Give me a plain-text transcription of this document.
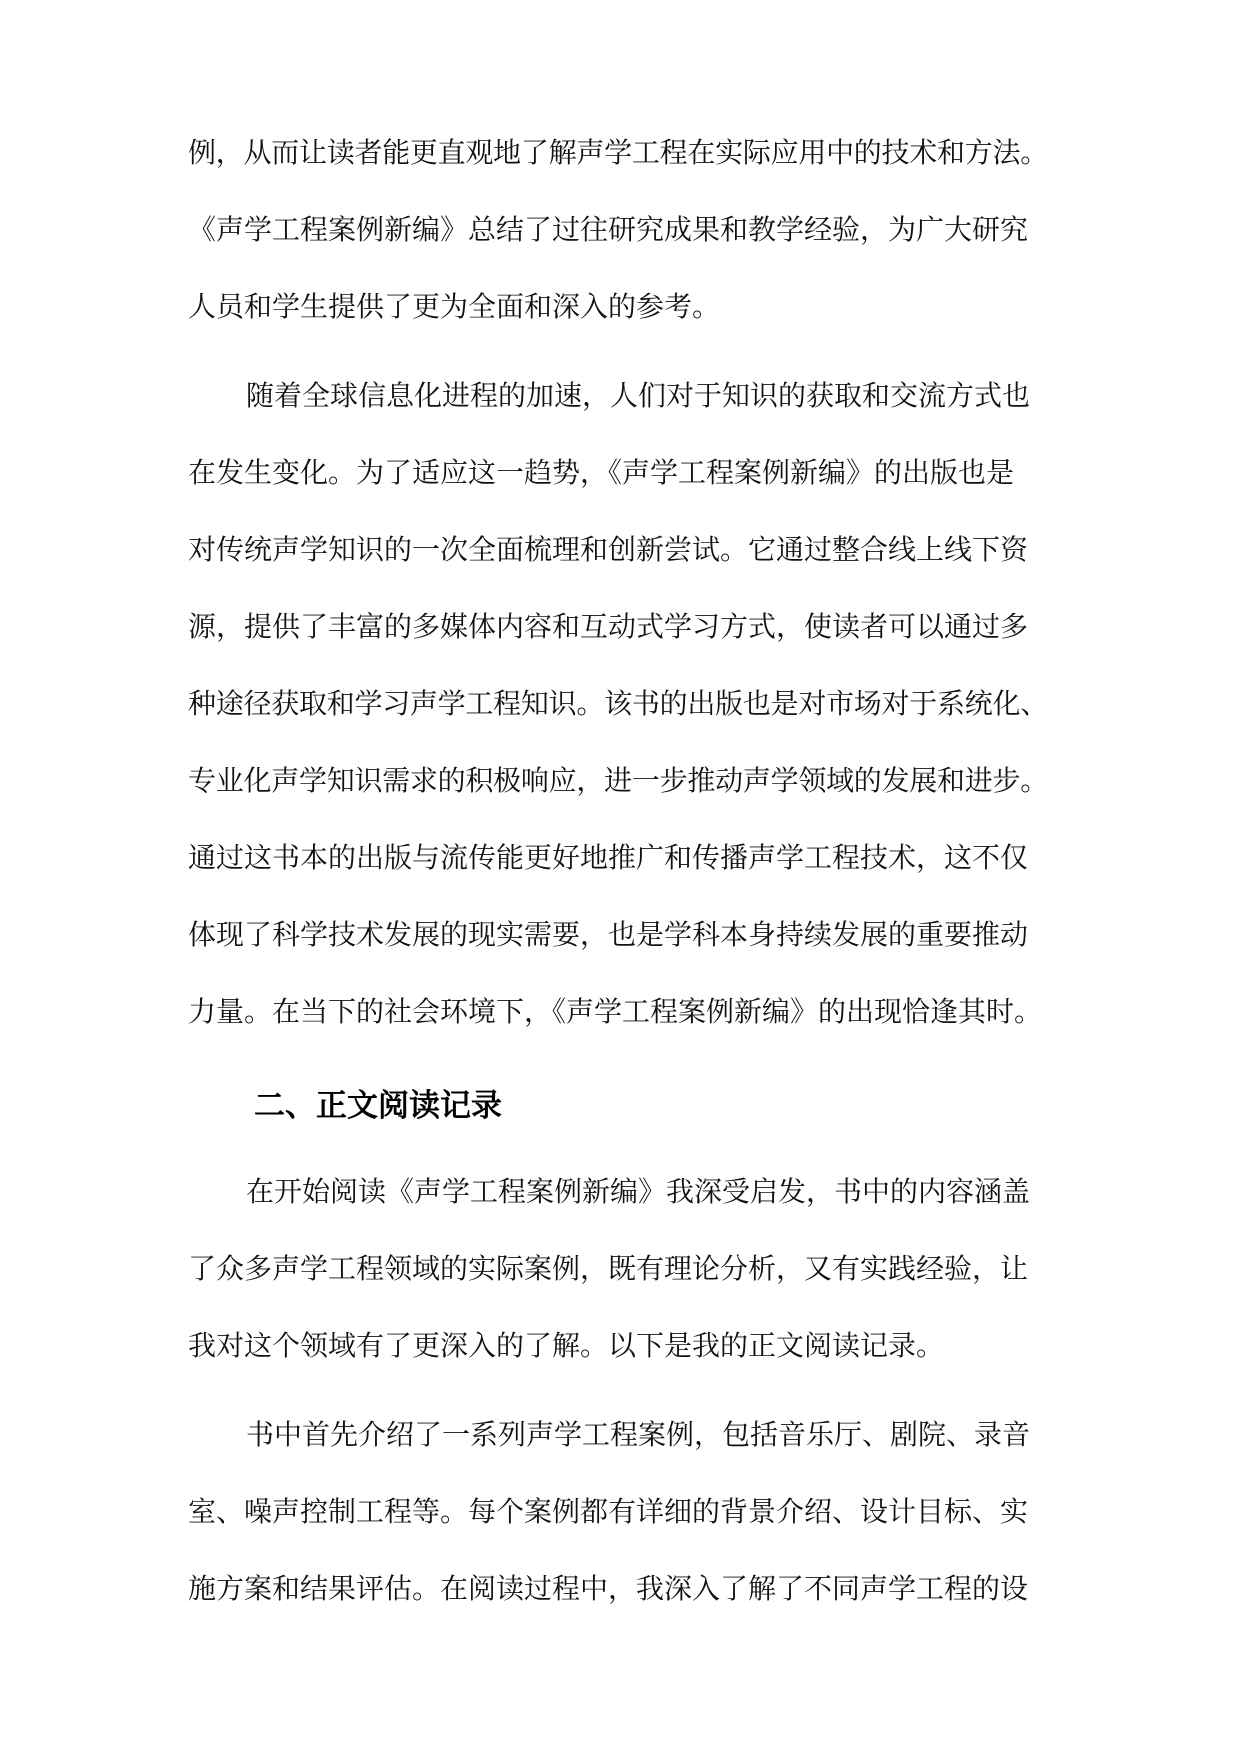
例，从而让读者能更直观地了解声学工程在实际应用中的技术和方法。
《声学工程案例新编》总结了过往研究成果和教学经验，为广大研究
人员和学生提供了更为全面和深入的参考。
随着全球信息化进程的加速，人们对于知识的获取和交流方式也
在发生变化。为了适应这一趋势，《声学工程案例新编》的出版也是
对传统声学知识的一次全面梳理和创新尝试。它通过整合线上线下资
源，提供了丰富的多媒体内容和互动式学习方式，使读者可以通过多
种途径获取和学习声学工程知识。该书的出版也是对市场对于系统化、
专业化声学知识需求的积极响应，进一步推动声学领域的发展和进步。
通过这书本的出版与流传能更好地推广和传播声学工程技术，这不仅
体现了科学技术发展的现实需要，也是学科本身持续发展的重要推动
力量。在当下的社会环境下，《声学工程案例新编》的出现恰逢其时。
二、正文阅读记录
在开始阅读《声学工程案例新编》我深受启发，书中的内容涵盖
了众多声学工程领域的实际案例，既有理论分析，又有实践经验，让
我对这个领域有了更深入的了解。以下是我的正文阅读记录。
书中首先介绍了一系列声学工程案例，包括音乐厅、剧院、录音
室、噪声控制工程等。每个案例都有详细的背景介绍、设计目标、实
施方案和结果评估。在阅读过程中，我深入了解了不同声学工程的设
